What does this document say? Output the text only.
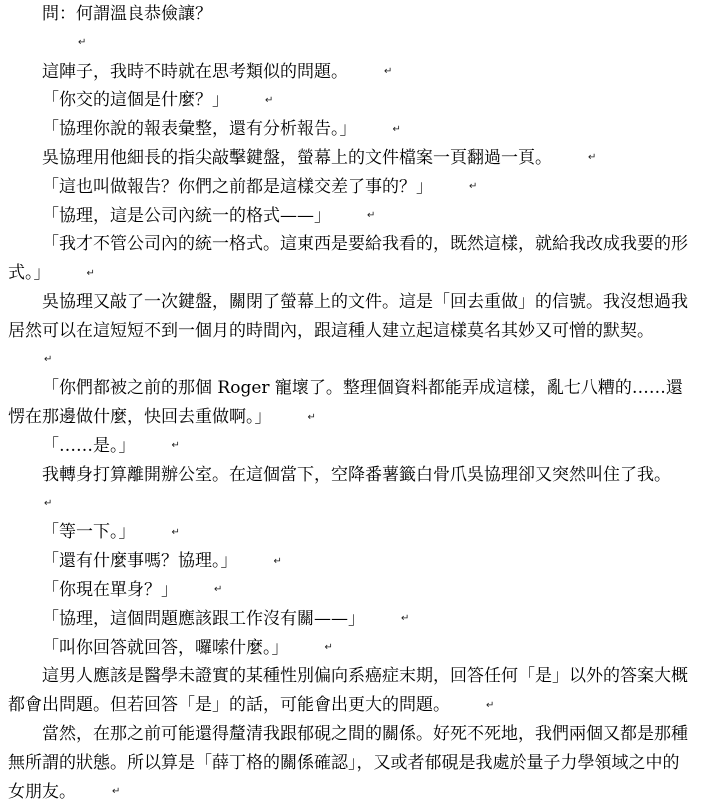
問：何謂溫良恭儉讓？

↵

這陣子，我時不時就在思考類似的問題。	↵

「你交的這個是什麼？」	↵

「協理你說的報表彙整，還有分析報告。」	↵

吳協理用他細長的指尖敲擊鍵盤，螢幕上的文件檔案一頁翻過一頁。	↵

「這也叫做報告？你們之前都是這樣交差了事的？」	↵

「協理，這是公司內統一的格式——」	↵

「我才不管公司內的統一格式。這東西是要給我看的，既然這樣，就給我改成我要的形式。」	↵

吳協理又敲了一次鍵盤，關閉了螢幕上的文件。這是「回去重做」的信號。我沒想過我居然可以在這短短不到一個月的時間內，跟這種人建立起這樣莫名其妙又可憎的默契。↵

「你們都被之前的那個 Roger 寵壞了。整理個資料都能弄成這樣，亂七八糟的……還愣在那邊做什麼，快回去重做啊。」	↵

「……是。」	↵

我轉身打算離開辦公室。在這個當下，空降番薯籤白骨爪吳協理卻又突然叫住了我。↵

「等一下。」	↵

「還有什麼事嗎？協理。」	↵

「你現在單身？」	↵

「協理，這個問題應該跟工作沒有關——」	↵

「叫你回答就回答，囉嗦什麼。」	↵

這男人應該是醫學未證實的某種性別偏向系癌症末期，回答任何「是」以外的答案大概都會出問題。但若回答「是」的話，可能會出更大的問題。	↵

當然，在那之前可能還得釐清我跟郁硯之間的關係。好死不死地，我們兩個又都是那種無所謂的狀態。所以算是「薛丁格的關係確認」，又或者郁硯是我處於量子力學領域之中的女朋友。	↵
